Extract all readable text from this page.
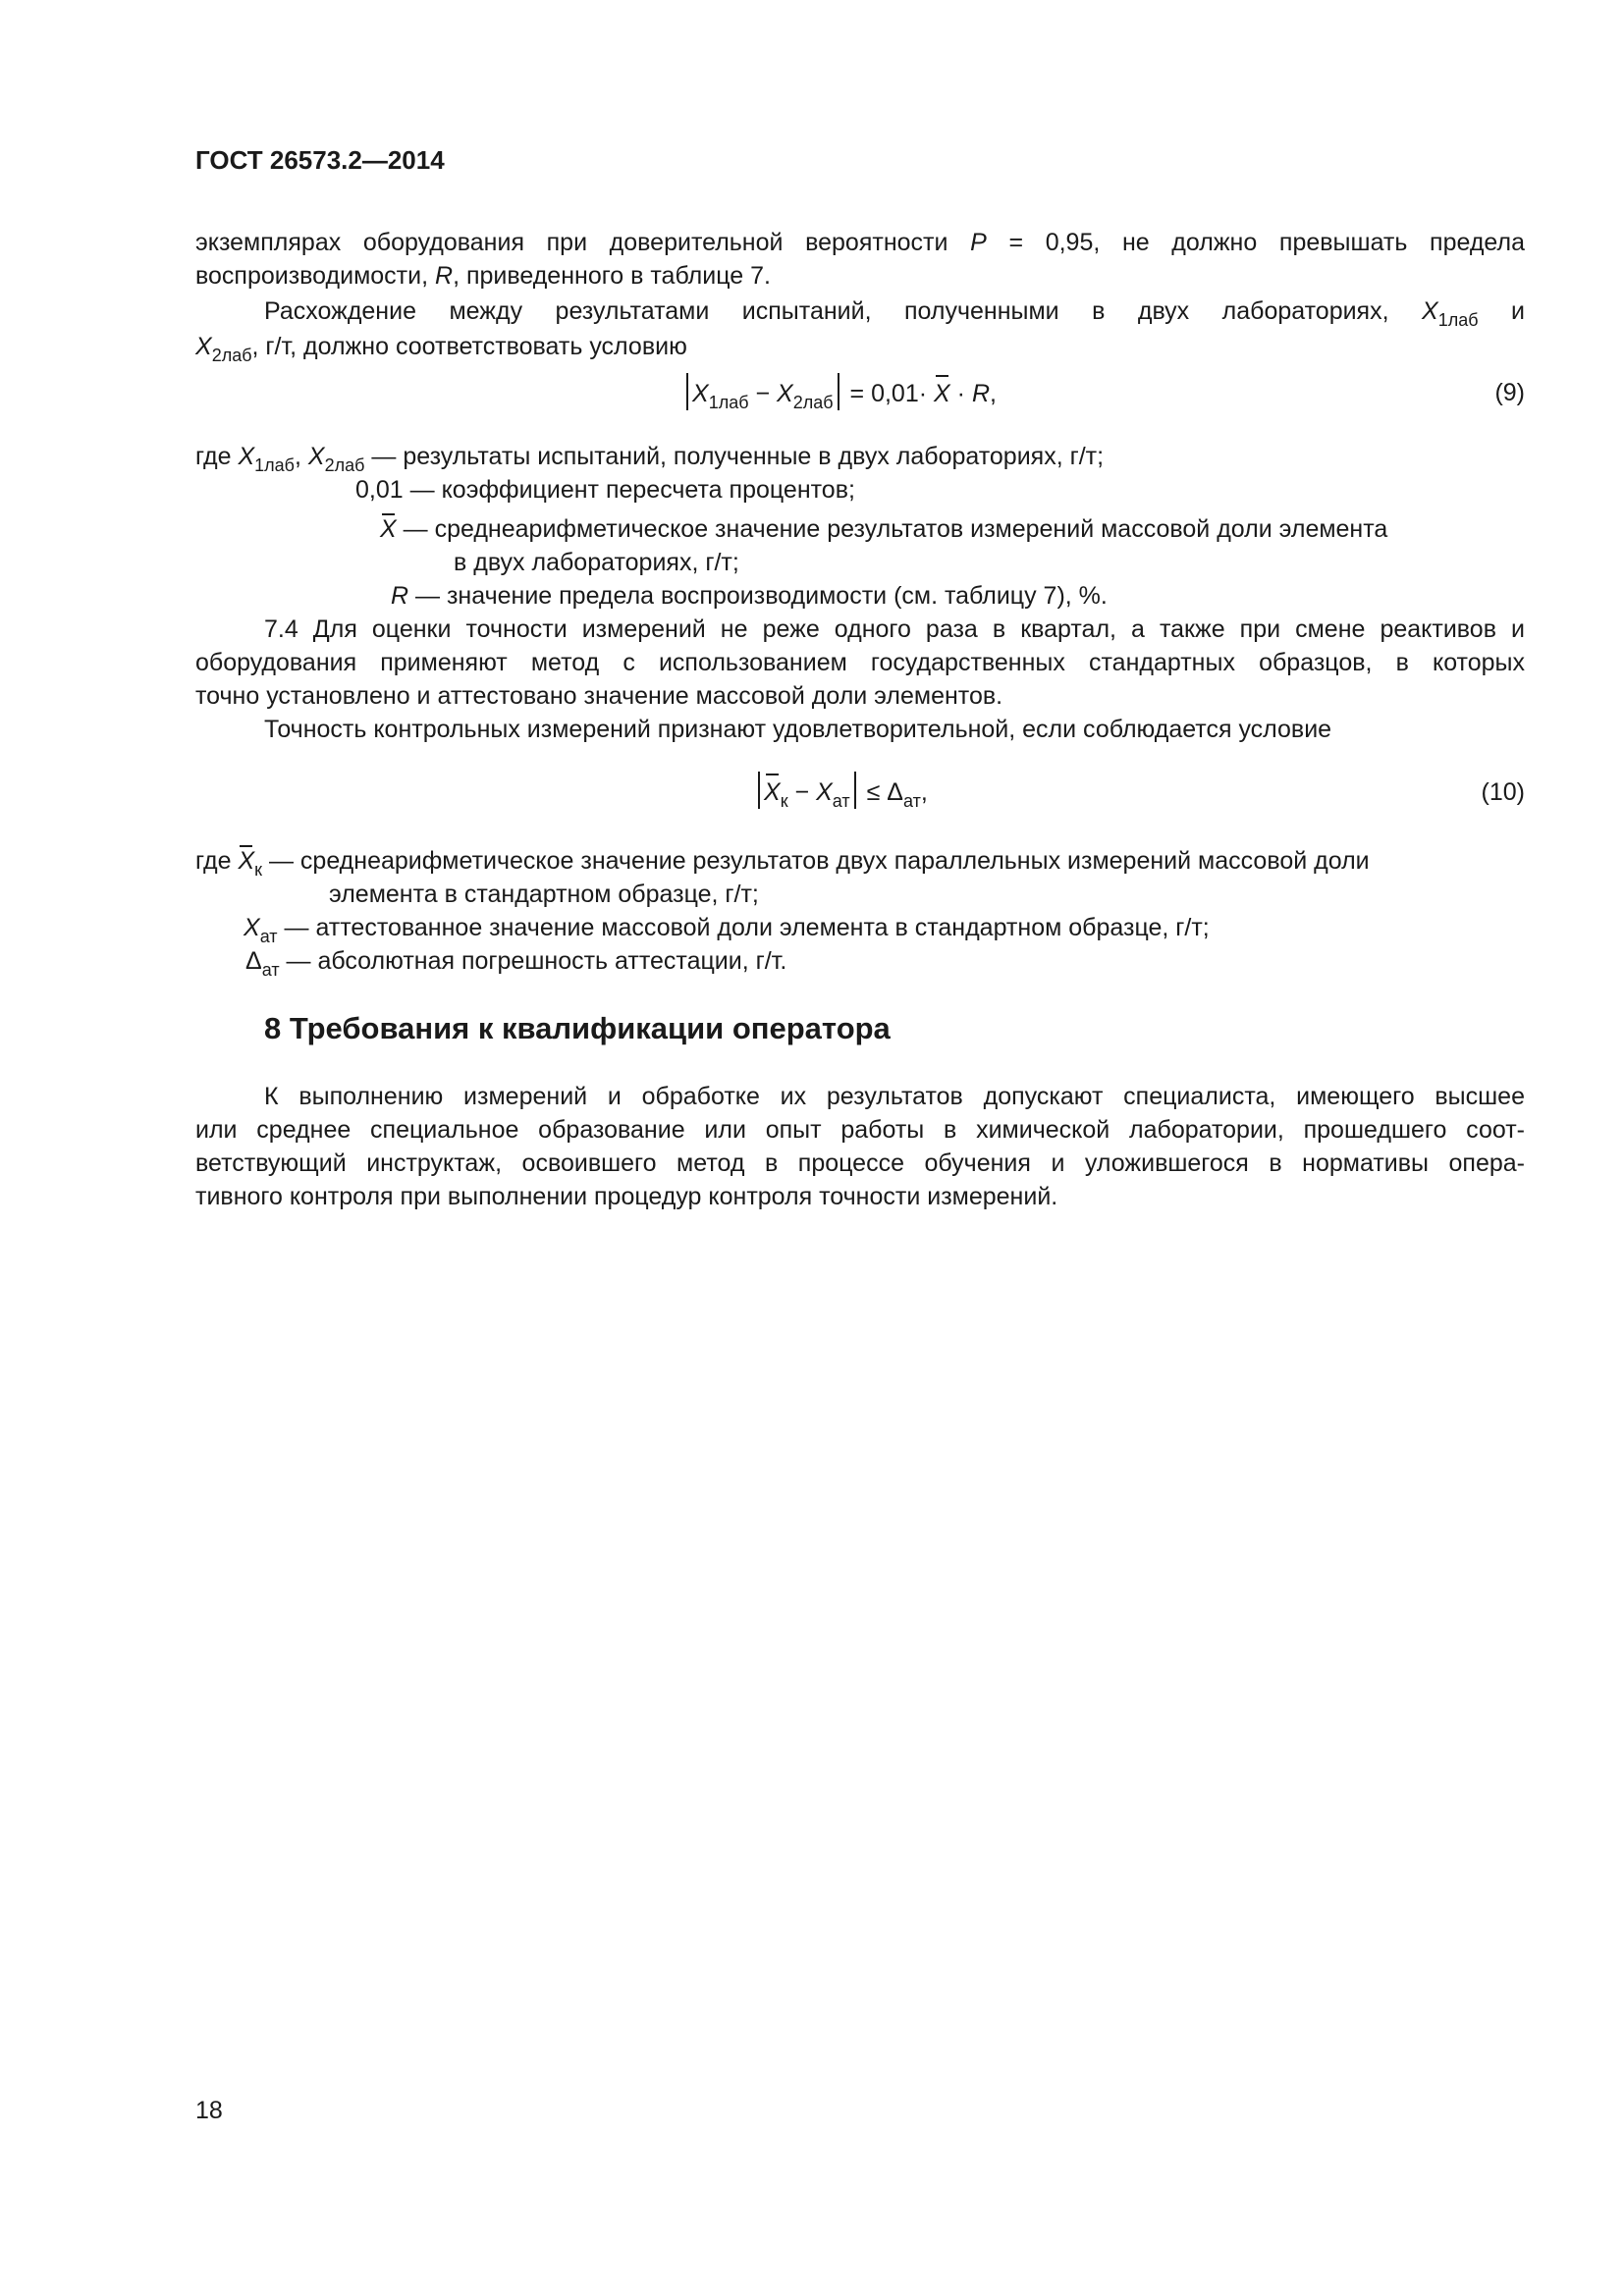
ГОСТ 26573.2—2014
экземплярах оборудования при доверительной вероятности P = 0,95, не должно превышать предела
воспроизводимости, R, приведенного в таблице 7.
Расхождение между результатами испытаний, полученными в двух лабораториях, $X_{1лаб}$ и
$X_{2лаб}$, г/т, должно соответствовать условию
$X_{1лаб} - X_{2лаб} = 0,01\cdot X \cdot R$,	(9)
где $X_{1лаб}$, $X_{2лаб}$ — результаты испытаний, полученные в двух лабораториях, г/т;
0,01 — коэффициент пересчета процентов;
X — среднеарифметическое значение результатов измерений массовой доли элемента
в двух лабораториях, г/т;
R — значение предела воспроизводимости (см. таблицу 7), %.
7.4 Для оценки точности измерений не реже одного раза в квартал, а также при смене реактивов и
оборудования применяют метод с использованием государственных стандартных образцов, в которых
точно установлено и аттестовано значение массовой доли элементов.
Точность контрольных измерений признают удовлетворительной, если соблюдается условие
$X_к - X_{ат} \le \Delta_{ат}$,	(10)
где $X_к$ — среднеарифметическое значение результатов двух параллельных измерений массовой доли
элемента в стандартном образце, г/т;
$X_{ат}$ — аттестованное значение массовой доли элемента в стандартном образце, г/т;
$\Delta_{ат}$ — абсолютная погрешность аттестации, г/т.
8 Требования к квалификации оператора
К выполнению измерений и обработке их результатов допускают специалиста, имеющего высшее
или среднее специальное образование или опыт работы в химической лаборатории, прошедшего соот-
ветствующий инструктаж, освоившего метод в процессе обучения и уложившегося в нормативы опера-
тивного контроля при выполнении процедур контроля точности измерений.
18
